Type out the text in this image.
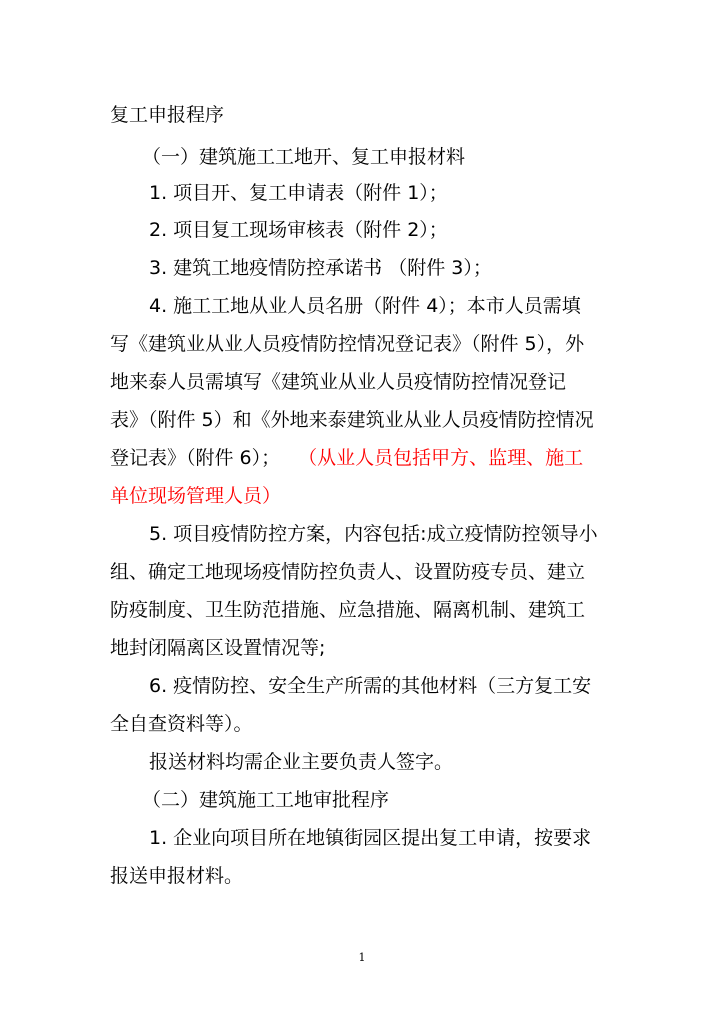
复工申报程序
（一）建筑施工工地开、复工申报材料
1. 项目开、复工申请表（附件 1）；
2. 项目复工现场审核表（附件 2）；
3. 建筑工地疫情防控承诺书 （附件 3）；
4. 施工工地从业人员名册（附件 4）；本市人员需填
写《建筑业从业人员疫情防控情况登记表》（附件 5），外
地来泰人员需填写《建筑业从业人员疫情防控情况登记
表》（附件 5）和《外地来泰建筑业从业人员疫情防控情况
登记表》（附件 6）； （从业人员包括甲方、监理、施工
单位现场管理人员）
5. 项目疫情防控方案，内容包括:成立疫情防控领导小
组、确定工地现场疫情防控负责人、设置防疫专员、建立
防疫制度、卫生防范措施、应急措施、隔离机制、建筑工
地封闭隔离区设置情况等;
6. 疫情防控、安全生产所需的其他材料（三方复工安
全自查资料等）。
报送材料均需企业主要负责人签字。
（二）建筑施工工地审批程序
1. 企业向项目所在地镇街园区提出复工申请，按要求
报送申报材料。
1
